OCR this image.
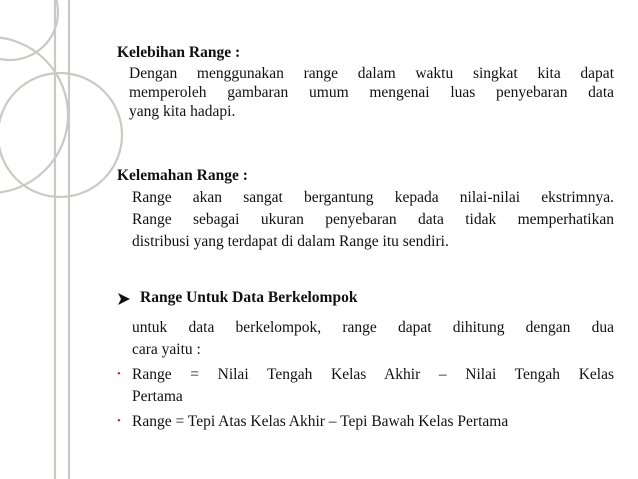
Kelebihan Range :
Dengan menggunakan range dalam waktu singkat kita dapat
memperoleh gambaran umum mengenai luas penyebaran data
yang kita hadapi.
Kelemahan Range :
Range akan sangat bergantung kepada nilai-nilai ekstrimnya.
Range sebagai ukuran penyebaran data tidak memperhatikan
distribusi yang terdapat di dalam Range itu sendiri.
Range Untuk Data Berkelompok
untuk data berkelompok, range dapat dihitung dengan dua
cara yaitu :
• Range = Nilai Tengah Kelas Akhir – Nilai Tengah Kelas
Pertama
• Range = Tepi Atas Kelas Akhir – Tepi Bawah Kelas Pertama
